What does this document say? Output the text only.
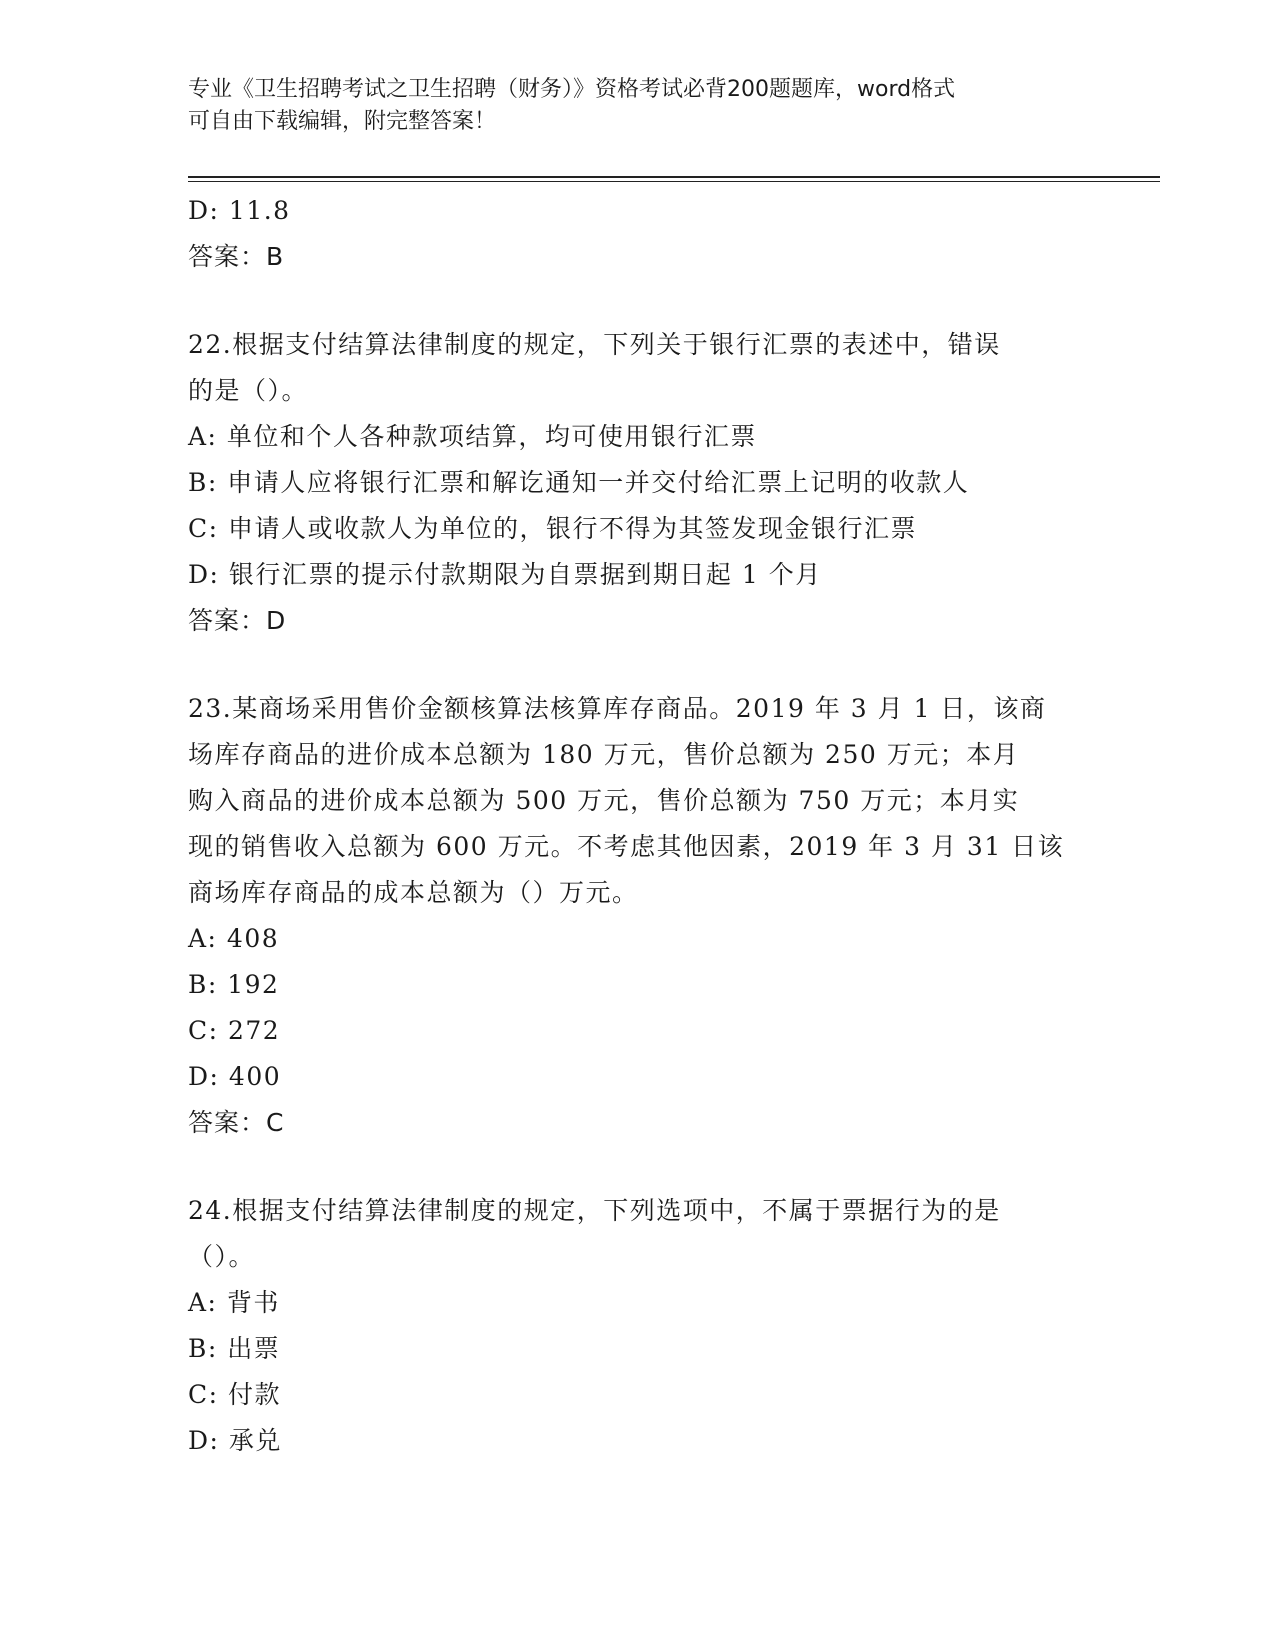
专业《卫生招聘考试之卫生招聘（财务）》资格考试必背200题题库，word格式
可自由下载编辑，附完整答案！
D: 11.8
答案：B
22.根据支付结算法律制度的规定，下列关于银行汇票的表述中，错误
的是（）。
A: 单位和个人各种款项结算，均可使用银行汇票
B: 申请人应将银行汇票和解讫通知一并交付给汇票上记明的收款人
C: 申请人或收款人为单位的，银行不得为其签发现金银行汇票
D: 银行汇票的提示付款期限为自票据到期日起 1 个月
答案：D
23.某商场采用售价金额核算法核算库存商品。2019 年 3 月 1 日，该商
场库存商品的进价成本总额为 180 万元，售价总额为 250 万元；本月
购入商品的进价成本总额为 500 万元，售价总额为 750 万元；本月实
现的销售收入总额为 600 万元。不考虑其他因素，2019 年 3 月 31 日该
商场库存商品的成本总额为（）万元。
A: 408
B: 192
C: 272
D: 400
答案：C
24.根据支付结算法律制度的规定，下列选项中，不属于票据行为的是
（）。
A: 背书
B: 出票
C: 付款
D: 承兑
